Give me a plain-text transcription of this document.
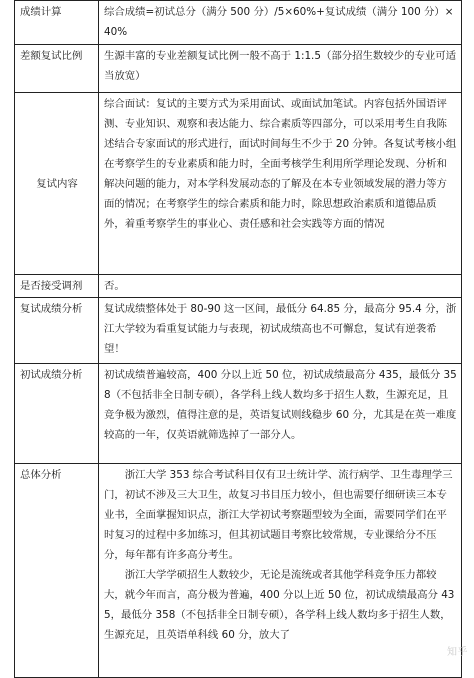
成绩计算	综合成绩=初试总分（满分 500 分）/5×60%+复试成绩（满分 100 分）×40%

差额复试比例	生源丰富的专业差额复试比例一般不高于 1:1.5（部分招生数较少的专业可适当放宽）

复试内容	综合面试：复试的主要方式为采用面试、或面试加笔试。内容包括外国语评测、专业知识、观察和表达能力、综合素质等四部分，可以采用考生自我陈述结合专家面试的形式进行，面试时间每生不少于 20 分钟。各复试考核小组在考察学生的专业素质和能力时，全面考核学生利用所学理论发现、分析和解决问题的能力，对本学科发展动态的了解及在本专业领域发展的潜力等方面的情况；在考察学生的综合素质和能力时，除思想政治素质和道德品质外，着重考察学生的事业心、责任感和社会实践等方面的情况

是否接受调剂	否。

复试成绩分析	复试成绩整体处于 80-90 这一区间，最低分 64.85 分，最高分 95.4 分，浙江大学较为看重复试能力与表现，初试成绩高也不可懈怠，复试有逆袭希望！

初试成绩分析	初试成绩普遍较高，400 分以上近 50 位，初试成绩最高分 435，最低分 358（不包括非全日制专硕），各学科上线人数均多于招生人数，生源充足，且竞争极为激烈，值得注意的是，英语复试则线稳步 60 分，尤其是在英一难度较高的一年，仅英语就筛选掉了一部分人。

总体分析	浙江大学 353 综合考试科目仅有卫士统计学、流行病学、卫生毒理学三门，初试不涉及三大卫生，故复习书目压力较小，但也需要仔细研读三本专业书，全面掌握知识点，浙江大学初试考察题型较为全面，需要同学们在平时复习的过程中多加练习，但其初试题目考察比较常规，专业课给分不压分，每年都有许多高分考生。
浙江大学学硕招生人数较少，无论是流统或者其他学科竞争压力都较大，就今年而言，高分极为普遍，400 分以上近 50 位，初试成绩最高分 435，最低分 358（不包括非全日制专硕），各学科上线人数均多于招生人数，生源充足，且英语单科线 60 分，放大了
知乎
